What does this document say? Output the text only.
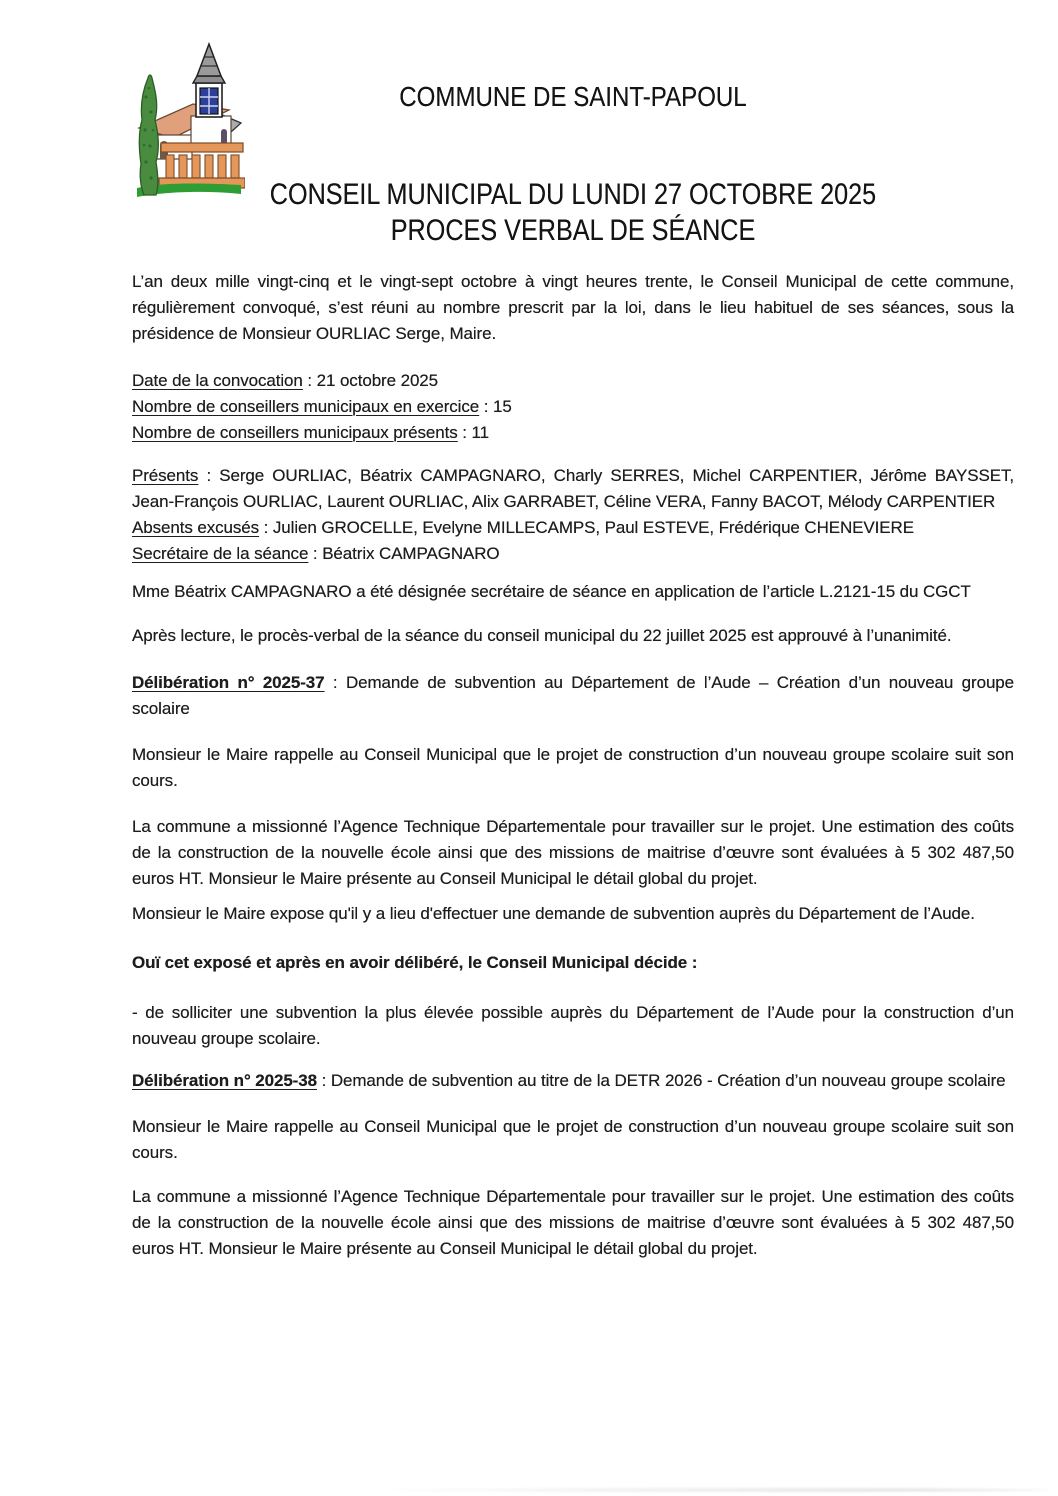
COMMUNE DE SAINT-PAPOUL
CONSEIL MUNICIPAL DU LUNDI 27 OCTOBRE 2025
PROCES VERBAL DE SÉANCE

L’an deux mille vingt-cinq et le vingt-sept octobre à vingt heures trente, le Conseil Municipal de cette commune, régulièrement convoqué, s’est réuni au nombre prescrit par la loi, dans le lieu habituel de ses séances, sous la présidence de Monsieur OURLIAC Serge, Maire.

Date de la convocation : 21 octobre 2025

Nombre de conseillers municipaux en exercice : 15

Nombre de conseillers municipaux présents : 11

Présents : Serge OURLIAC, Béatrix CAMPAGNARO, Charly SERRES, Michel CARPENTIER, Jérôme BAYSSET, Jean-François OURLIAC, Laurent OURLIAC, Alix GARRABET, Céline VERA, Fanny BACOT, Mélody CARPENTIER
Absents excusés : Julien GROCELLE, Evelyne MILLECAMPS, Paul ESTEVE, Frédérique CHENEVIERE
Secrétaire de la séance : Béatrix CAMPAGNARO

Mme Béatrix CAMPAGNARO a été désignée secrétaire de séance en application de l’article L.2121-15 du CGCT

Après lecture, le procès-verbal de la séance du conseil municipal du 22 juillet 2025 est approuvé à l’unanimité.

Délibération n° 2025-37 : Demande de subvention au Département de l’Aude – Création d’un nouveau groupe scolaire

Monsieur le Maire rappelle au Conseil Municipal que le projet de construction d’un nouveau groupe scolaire suit son cours.

La commune a missionné l’Agence Technique Départementale pour travailler sur le projet. Une estimation des coûts de la construction de la nouvelle école ainsi que des missions de maitrise d’œuvre sont évaluées à 5 302 487,50 euros HT. Monsieur le Maire présente au Conseil Municipal le détail global du projet.

Monsieur le Maire expose qu'il y a lieu d'effectuer une demande de subvention auprès du Département de l’Aude.

Ouï cet exposé et après en avoir délibéré, le Conseil Municipal décide :

- de solliciter une subvention la plus élevée possible auprès du Département de l’Aude pour la construction d’un nouveau groupe scolaire.

Délibération n° 2025-38 : Demande de subvention au titre de la DETR 2026 - Création d’un nouveau groupe scolaire

Monsieur le Maire rappelle au Conseil Municipal que le projet de construction d’un nouveau groupe scolaire suit son cours.

La commune a missionné l’Agence Technique Départementale pour travailler sur le projet. Une estimation des coûts de la construction de la nouvelle école ainsi que des missions de maitrise d’œuvre sont évaluées à 5 302 487,50 euros HT. Monsieur le Maire présente au Conseil Municipal le détail global du projet.
